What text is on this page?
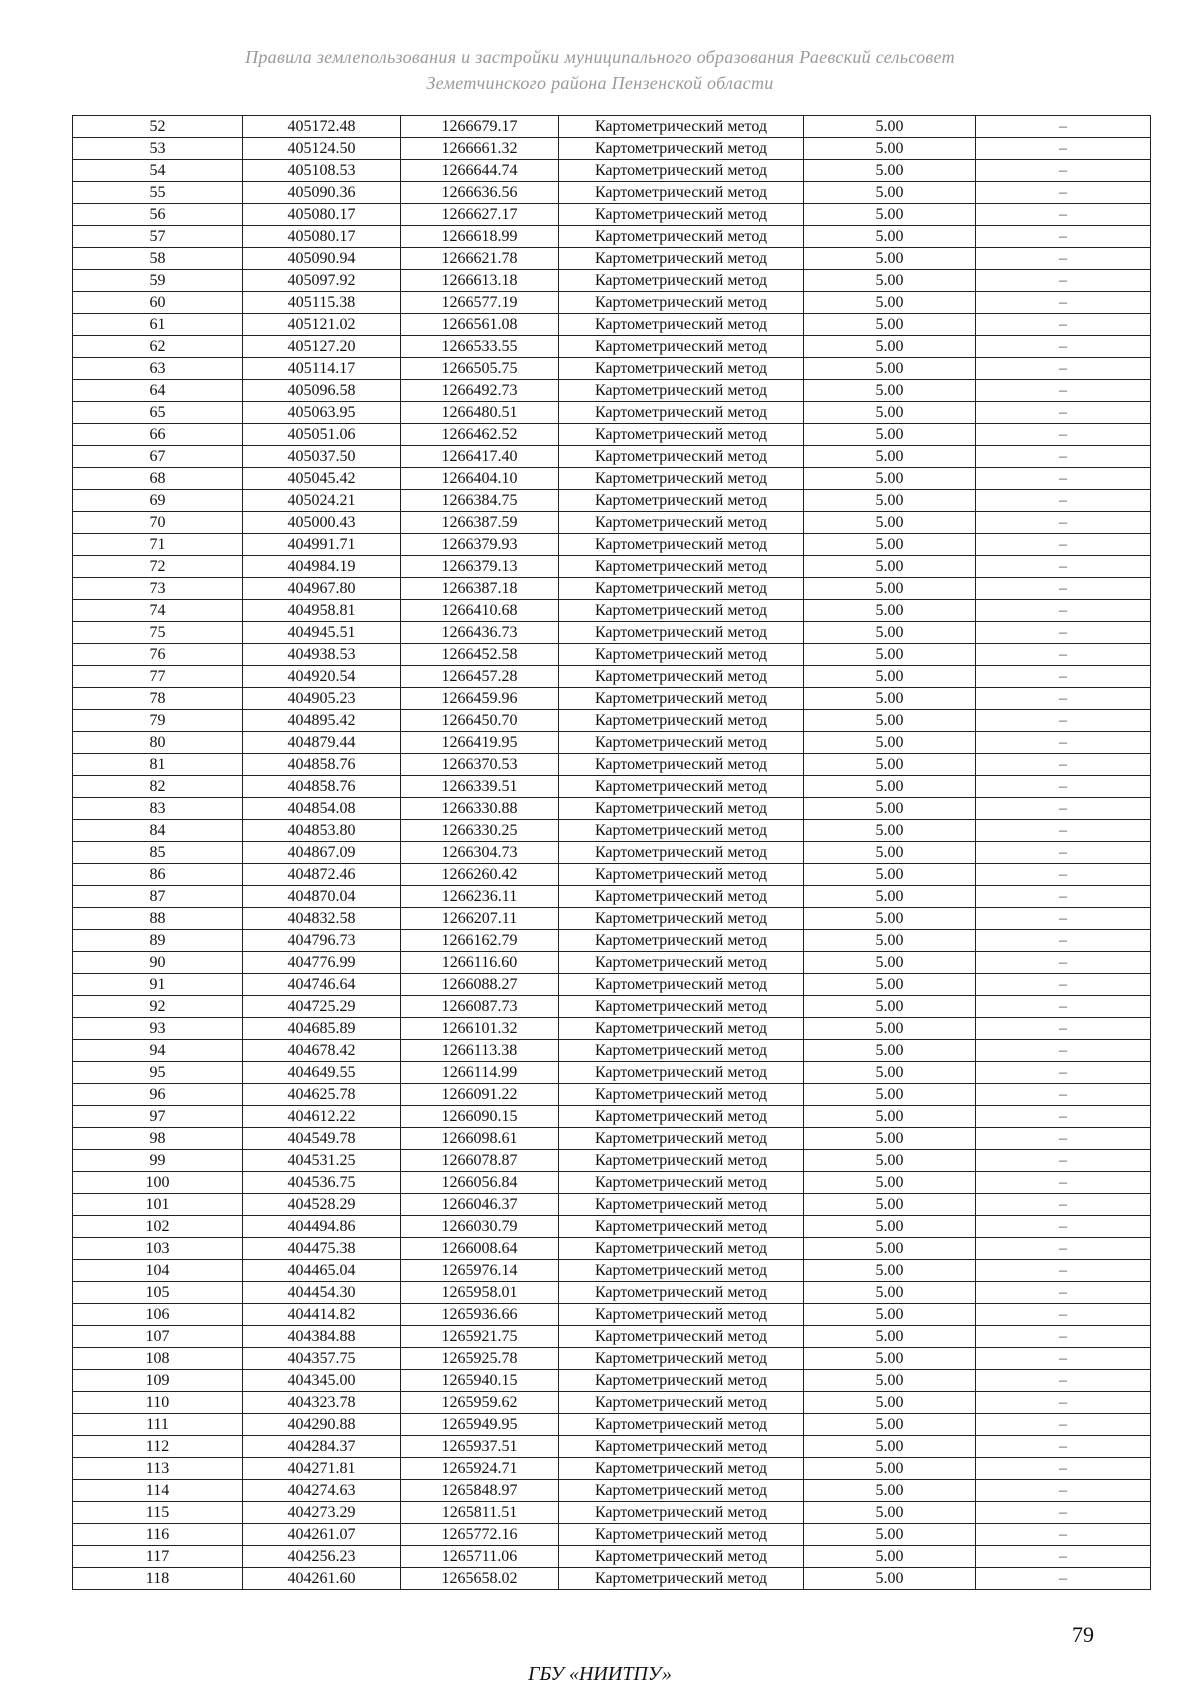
Правила землепользования и застройки муниципального образования Раевский сельсовет
Земетчинского района Пензенской области
52	405172.48	1266679.17	Картометрический метод	5.00	–
53	405124.50	1266661.32	Картометрический метод	5.00	–
54	405108.53	1266644.74	Картометрический метод	5.00	–
55	405090.36	1266636.56	Картометрический метод	5.00	–
56	405080.17	1266627.17	Картометрический метод	5.00	–
57	405080.17	1266618.99	Картометрический метод	5.00	–
58	405090.94	1266621.78	Картометрический метод	5.00	–
59	405097.92	1266613.18	Картометрический метод	5.00	–
60	405115.38	1266577.19	Картометрический метод	5.00	–
61	405121.02	1266561.08	Картометрический метод	5.00	–
62	405127.20	1266533.55	Картометрический метод	5.00	–
63	405114.17	1266505.75	Картометрический метод	5.00	–
64	405096.58	1266492.73	Картометрический метод	5.00	–
65	405063.95	1266480.51	Картометрический метод	5.00	–
66	405051.06	1266462.52	Картометрический метод	5.00	–
67	405037.50	1266417.40	Картометрический метод	5.00	–
68	405045.42	1266404.10	Картометрический метод	5.00	–
69	405024.21	1266384.75	Картометрический метод	5.00	–
70	405000.43	1266387.59	Картометрический метод	5.00	–
71	404991.71	1266379.93	Картометрический метод	5.00	–
72	404984.19	1266379.13	Картометрический метод	5.00	–
73	404967.80	1266387.18	Картометрический метод	5.00	–
74	404958.81	1266410.68	Картометрический метод	5.00	–
75	404945.51	1266436.73	Картометрический метод	5.00	–
76	404938.53	1266452.58	Картометрический метод	5.00	–
77	404920.54	1266457.28	Картометрический метод	5.00	–
78	404905.23	1266459.96	Картометрический метод	5.00	–
79	404895.42	1266450.70	Картометрический метод	5.00	–
80	404879.44	1266419.95	Картометрический метод	5.00	–
81	404858.76	1266370.53	Картометрический метод	5.00	–
82	404858.76	1266339.51	Картометрический метод	5.00	–
83	404854.08	1266330.88	Картометрический метод	5.00	–
84	404853.80	1266330.25	Картометрический метод	5.00	–
85	404867.09	1266304.73	Картометрический метод	5.00	–
86	404872.46	1266260.42	Картометрический метод	5.00	–
87	404870.04	1266236.11	Картометрический метод	5.00	–
88	404832.58	1266207.11	Картометрический метод	5.00	–
89	404796.73	1266162.79	Картометрический метод	5.00	–
90	404776.99	1266116.60	Картометрический метод	5.00	–
91	404746.64	1266088.27	Картометрический метод	5.00	–
92	404725.29	1266087.73	Картометрический метод	5.00	–
93	404685.89	1266101.32	Картометрический метод	5.00	–
94	404678.42	1266113.38	Картометрический метод	5.00	–
95	404649.55	1266114.99	Картометрический метод	5.00	–
96	404625.78	1266091.22	Картометрический метод	5.00	–
97	404612.22	1266090.15	Картометрический метод	5.00	–
98	404549.78	1266098.61	Картометрический метод	5.00	–
99	404531.25	1266078.87	Картометрический метод	5.00	–
100	404536.75	1266056.84	Картометрический метод	5.00	–
101	404528.29	1266046.37	Картометрический метод	5.00	–
102	404494.86	1266030.79	Картометрический метод	5.00	–
103	404475.38	1266008.64	Картометрический метод	5.00	–
104	404465.04	1265976.14	Картометрический метод	5.00	–
105	404454.30	1265958.01	Картометрический метод	5.00	–
106	404414.82	1265936.66	Картометрический метод	5.00	–
107	404384.88	1265921.75	Картометрический метод	5.00	–
108	404357.75	1265925.78	Картометрический метод	5.00	–
109	404345.00	1265940.15	Картометрический метод	5.00	–
110	404323.78	1265959.62	Картометрический метод	5.00	–
111	404290.88	1265949.95	Картометрический метод	5.00	–
112	404284.37	1265937.51	Картометрический метод	5.00	–
113	404271.81	1265924.71	Картометрический метод	5.00	–
114	404274.63	1265848.97	Картометрический метод	5.00	–
115	404273.29	1265811.51	Картометрический метод	5.00	–
116	404261.07	1265772.16	Картометрический метод	5.00	–
117	404256.23	1265711.06	Картометрический метод	5.00	–
118	404261.60	1265658.02	Картометрический метод	5.00	–
79
ГБУ «НИИТПУ»
